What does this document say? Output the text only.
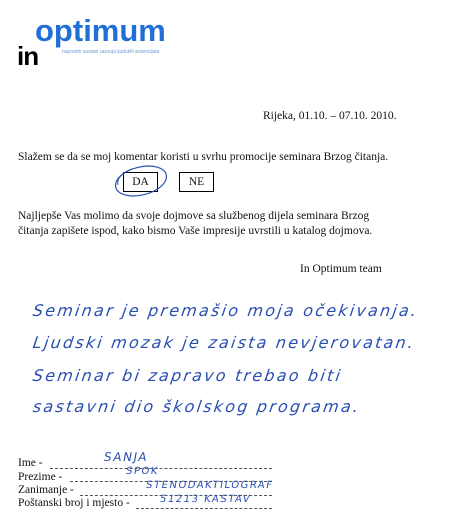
optimum
in	napredni sustavi razvoja ljudskih potencijala
Rijeka, 01.10. – 07.10. 2010.
Slažem se da se moj komentar koristi u svrhu promocije seminara Brzog čitanja.
DA	NE
Najljepše Vas molimo da svoje dojmove sa službenog dijela seminara Brzog
čitanja zapišete ispod, kako bismo Vaše impresije uvrstili u katalog dojmova.
In Optimum team
Seminar je premašio moja očekivanja.
Ljudski mozak je zaista nevjerovatan.
Seminar bi zapravo trebao biti
sastavni dio školskog programa.
Ime -	SANJA
Prezime -	SPOK
Zanimanje -	STENODAKTILOGRAF
Poštanski broj i mjesto -	51213 KASTAV
